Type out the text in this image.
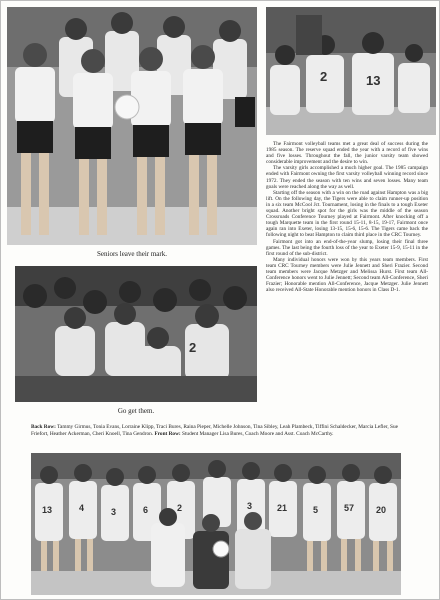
Seniors leave their mark.
2	13

The Fairmont volleyball teams met a great deal of success during the 1985 season. The reserve squad ended the year with a record of five wins and five losses. Throughout the fall, the junior varsity team showed considerable improvement and the desire to win.

The varsity girls accomplished a much higher goal. The 1985 campaign ended with Fairmont owning the first varsity volleyball winning record since 1972. They ended the season with ten wins and seven losses. Many team goals were reached along the way as well.

Starting off the season with a win on the road against Hampton was a big lift. On the following day, the Tigers were able to claim runner-up position in a six team McCool Jct. Tournament, losing in the finals to a tough Exeter squad. Another bright spot for the girls was the middle of the season Crossroads Conference Tourney played at Fairmont. After knocking off a tough Marquette team in the first round 15-11, 8-15, 19-17, Fairmont once again ran into Exeter, losing 13-15, 15-6, 15-6. The Tigers came back the following night to beat Hampton to claim third place in the CRC Tourney.

Fairmont got into an end-of-the-year slump, losing their final three games. The last being the fourth loss of the year to Exeter 15-9, 15-11 in the first round of the sub-district.

Many individual honors were won by this years team members. First team CRC Tourney members were Julie Jennett and Sheri Frazier. Second team members were Jacque Metzger and Melissa Hurst. First team All-Conference honors went to Julie Jennett; Second team All-Conference, Sheri Frazier; Honorable mention All-Conference, Jacque Metzger. Julie Jennett also received All-State Honorable mention honors in Class D-1.

2
Go get them.
Back Row: Tammy Girmus, Tonia Evans, Lorraine Klipp, Traci Bures, Raina Pieper, Michelle Johnson, Tina Sibley, Leah Plambeck, Tiffini Schaldecker, Marcia Lefler, Sue Friefort, Heather Ackerman, Cheri Knoell, Tina Gendron. Front Row: Student Manager Lisa Bures, Coach Moore and Asst. Coach McCarthy.
13	4	3	6	2	3	21	5	57 20
